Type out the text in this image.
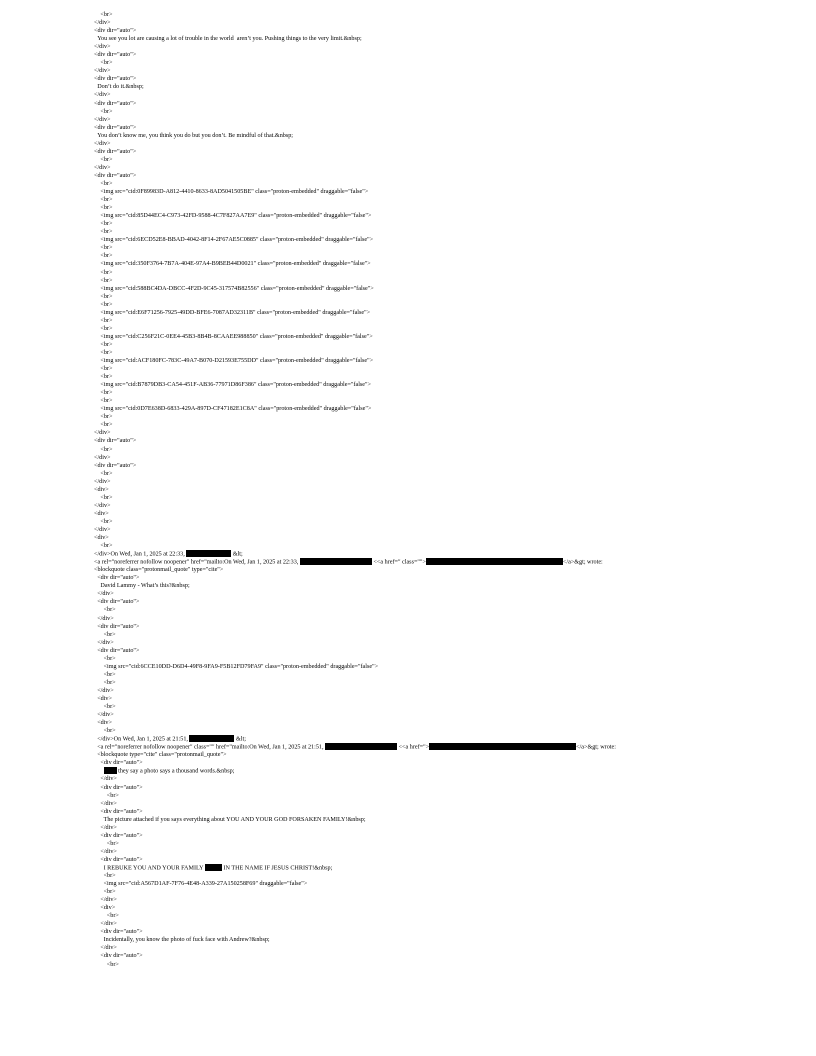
<br>
</div>
<div dir="auto">
You see you lot are causing a lot of trouble in the world  aren’t you. Pushing things to the very limit.&nbsp;
</div>
<div dir="auto">
<br>
</div>
<div dir="auto">
Don’t do it.&nbsp;
</div>
<div dir="auto">
<br>
</div>
<div dir="auto">
You don’t know me, you think you do but you don’t. Be mindful of that.&nbsp;
</div>
<div dir="auto">
<br>
</div>
<div dir="auto">
<br>
<img src="cid:0F89983D-A812-4410-8633-8AD5041505BE" class="proton-embedded" draggable="false">
<br>
<br>
<img src="cid:85D44EC4-C973-42FD-9588-4C7F827AA7E9" class="proton-embedded" draggable="false">
<br>
<br>
<img src="cid:6ECD52E8-BBAD-4042-8F14-2F67AE5C0885" class="proton-embedded" draggable="false">
<br>
<br>
<img src="cid:350F3764-7B7A-404E-97A4-B9BEB44D0021" class="proton-embedded" draggable="false">
<br>
<br>
<img src="cid:588BC4DA-DBCC-4F2D-9C45-317574B82556" class="proton-embedded" draggable="false">
<br>
<br>
<img src="cid:E6F71256-7925-49DD-BFE6-7087AD32311B" class="proton-embedded" draggable="false">
<br>
<br>
<img src="cid:C256F21C-0EE4-45B3-8B4B-8CAAEE988850" class="proton-embedded" draggable="false">
<br>
<br>
<img src="cid:ACF180FC-783C-49A7-B070-D21593E755DD" class="proton-embedded" draggable="false">
<br>
<br>
<img src="cid:B7879DB3-CA54-451F-AB36-77971D86F386" class="proton-embedded" draggable="false">
<br>
<br>
<img src="cid:0D7E638D-6833-429A-897D-CF47182E1C8A" class="proton-embedded" draggable="false">
<br>
<br>
</div>
<div dir="auto">
<br>
</div>
<div dir="auto">
<br>
</div>
<div>
<br>
</div>
<div>
<br>
</div>
<div>
<br>
</div>On Wed, Jan 1, 2025 at 22:33,	&lt;
<a rel="noreferrer nofollow noopener" href="mailto:On Wed, Jan 1, 2025 at 22:33,	<<a href=" class="">	</a>&gt; wrote:
<blockquote class="protonmail_quote" type="cite">
<div dir="auto">
David Lammy - What’s this?&nbsp;
</div>
<div dir="auto">
<br>
</div>
<div dir="auto">
<br>
</div>
<div dir="auto">
<br>
<img src="cid:6CCE10DD-D6D4-49F8-9FA9-F5B12FD79FA9" class="proton-embedded" draggable="false">
<br>
<br>
</div>
<div>
<br>
</div>
<div>
<br>
</div>On Wed, Jan 1, 2025 at 21:51,	&lt;
<a rel="noreferrer nofollow noopener" class="" href="mailto:On Wed, Jan 1, 2025 at 21:51,	<<a href=">	</a>&gt; wrote:
<blockquote type="cite" class="protonmail_quote">
<div dir="auto">
they say a photo says a thousand words.&nbsp;
</div>
<div dir="auto">
<br>
</div>
<div dir="auto">
The picture attached if you says everything about YOU AND YOUR GOD FORSAKEN FAMILY!&nbsp;
</div>
<div dir="auto">
<br>
</div>
<div dir="auto">
I REBUKE YOU AND YOUR FAMILY	IN THE NAME IF JESUS CHRIST!&nbsp;
<br>
<img src="cid:A567D1AF-7F76-4E48-A339-27A150258F69" draggable="false">
<br>
</div>
<div>
<br>
</div>
<div dir="auto">
Incidentally, you know the photo of fuck face with Andrew?&nbsp;
</div>
<div dir="auto">
<br>
